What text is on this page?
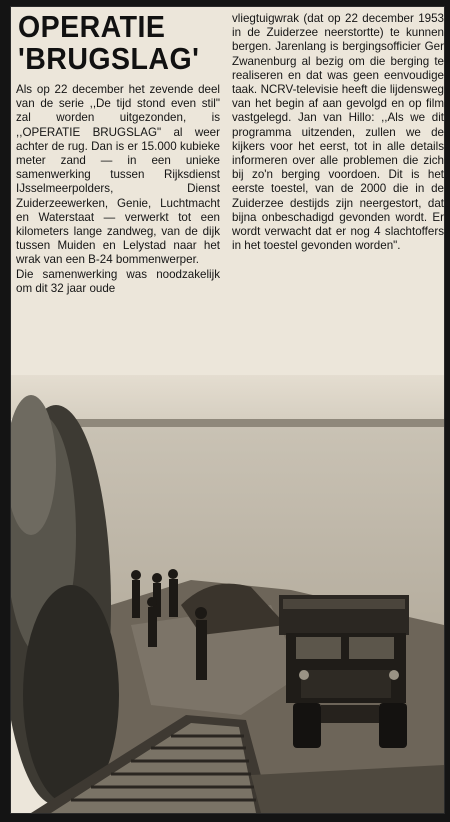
OPERATIE
'BRUGSLAG'

Als op 22 december het zevende deel van de serie ,,De tijd stond even stil" zal worden uitgezonden, is ,,OPERATIE BRUGSLAG" al weer achter de rug. Dan is er 15.000 kubieke meter zand — in een unieke samenwerking tussen Rijksdienst IJsselmeerpolders, Dienst Zuiderzeewerken, Genie, Luchtmacht en Waterstaat — verwerkt tot een kilometers lange zandweg, van de dijk tussen Muiden en Lelystad naar het wrak van een B-24 bommenwerper.

Die samenwerking was noodzakelijk om dit 32 jaar oude

vliegtuigwrak (dat op 22 december 1953 in de Zuiderzee neerstortte) te kunnen bergen. Jarenlang is bergingsofficier Ger Zwanenburg al bezig om die berging te realiseren en dat was geen eenvoudige taak. NCRV-televisie heeft die lijdensweg van het begin af aan gevolgd en op film vastgelegd. Jan van Hillo: ,,Als we dit programma uitzenden, zullen we de kijkers voor het eerst, tot in alle details informeren over alle problemen die zich bij zo'n berging voordoen. Dit is het eerste toestel, van de 2000 die in de Zuiderzee destijds zijn neergestort, dat bijna onbeschadigd gevonden wordt. Er wordt verwacht dat er nog 4 slachtoffers in het toestel gevonden worden".
